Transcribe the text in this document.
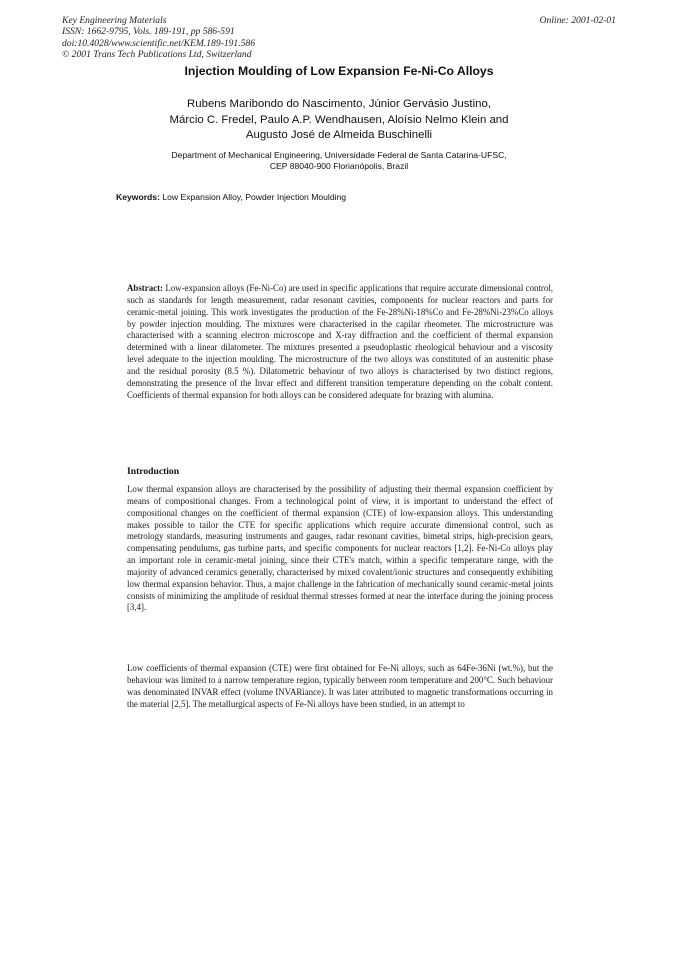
Key Engineering Materials
ISSN: 1662-9795, Vols. 189-191, pp 586-591
doi:10.4028/www.scientific.net/KEM.189-191.586
© 2001 Trans Tech Publications Ltd, Switzerland
Online: 2001-02-01
Injection Moulding of Low Expansion Fe-Ni-Co Alloys
Rubens Maribondo do Nascimento, Júnior Gervásio Justino,
Márcio C. Fredel, Paulo A.P. Wendhausen, Aloísio Nelmo Klein and
Augusto José de Almeida Buschinelli
Department of Mechanical Engineering, Universidade Federal de Santa Catarina-UFSC,
CEP 88040-900 Florianópolis, Brazil
Keywords: Low Expansion Alloy, Powder Injection Moulding
Abstract: Low-expansion alloys (Fe-Ni-Co) are used in specific applications that require accurate dimensional control, such as standards for length measurement, radar resonant cavities, components for nuclear reactors and parts for ceramic-metal joining. This work investigates the production of the Fe-28%Ni-18%Co and Fe-28%Ni-23%Co alloys by powder injection moulding. The mixtures were characterised in the capilar rheometer. The microstructure was characterised with a scanning electron microscope and X-ray diffraction and the coefficient of thermal expansion determined with a linear dilatometer. The mixtures presented a pseudoplastic rheological behaviour and a viscosity level adequate to the injection moulding. The microstructure of the two alloys was constituted of an austenitic phase and the residual porosity (8.5 %). Dilatometric behaviour of two alloys is characterised by two distinct regions, demonstrating the presence of the Invar effect and different transition temperature depending on the cobalt content. Coefficients of thermal expansion for both alloys can be considered adequate for brazing with alumina.
Introduction
Low thermal expansion alloys are characterised by the possibility of adjusting their thermal expansion coefficient by means of compositional changes. From a technological point of view, it is important to understand the effect of compositional changes on the coefficient of thermal expansion (CTE) of low-expansion alloys. This understanding makes possible to tailor the CTE for specific applications which require accurate dimensional control, such as metrology standards, measuring instruments and gauges, radar resonant cavities, bimetal strips, high-precision gears, compensating pendulums, gas turbine parts, and specific components for nuclear reactors [1,2]. Fe-Ni-Co alloys play an important role in ceramic-metal joining, since their CTE's match, within a specific temperature range, with the majority of advanced ceramics generally, characterised by mixed covalent/ionic structures and consequently exhibiting low thermal expansion behavior. Thus, a major challenge in the fabrication of mechanically sound ceramic-metal joints consists of minimizing the amplitude of residual thermal stresses formed at near the interface during the joining process [3,4].
Low coefficients of thermal expansion (CTE) were first obtained for Fe-Ni alloys, such as 64Fe-36Ni (wt.%), but the behaviour was limited to a narrow temperature region, typically between room temperature and 200°C. Such behaviour was denominated INVAR effect (volume INVARiance). It was later attributed to magnetic transformations occurring in the material [2,5]. The metallurgical aspects of Fe-Ni alloys have been studied, in an attempt to
